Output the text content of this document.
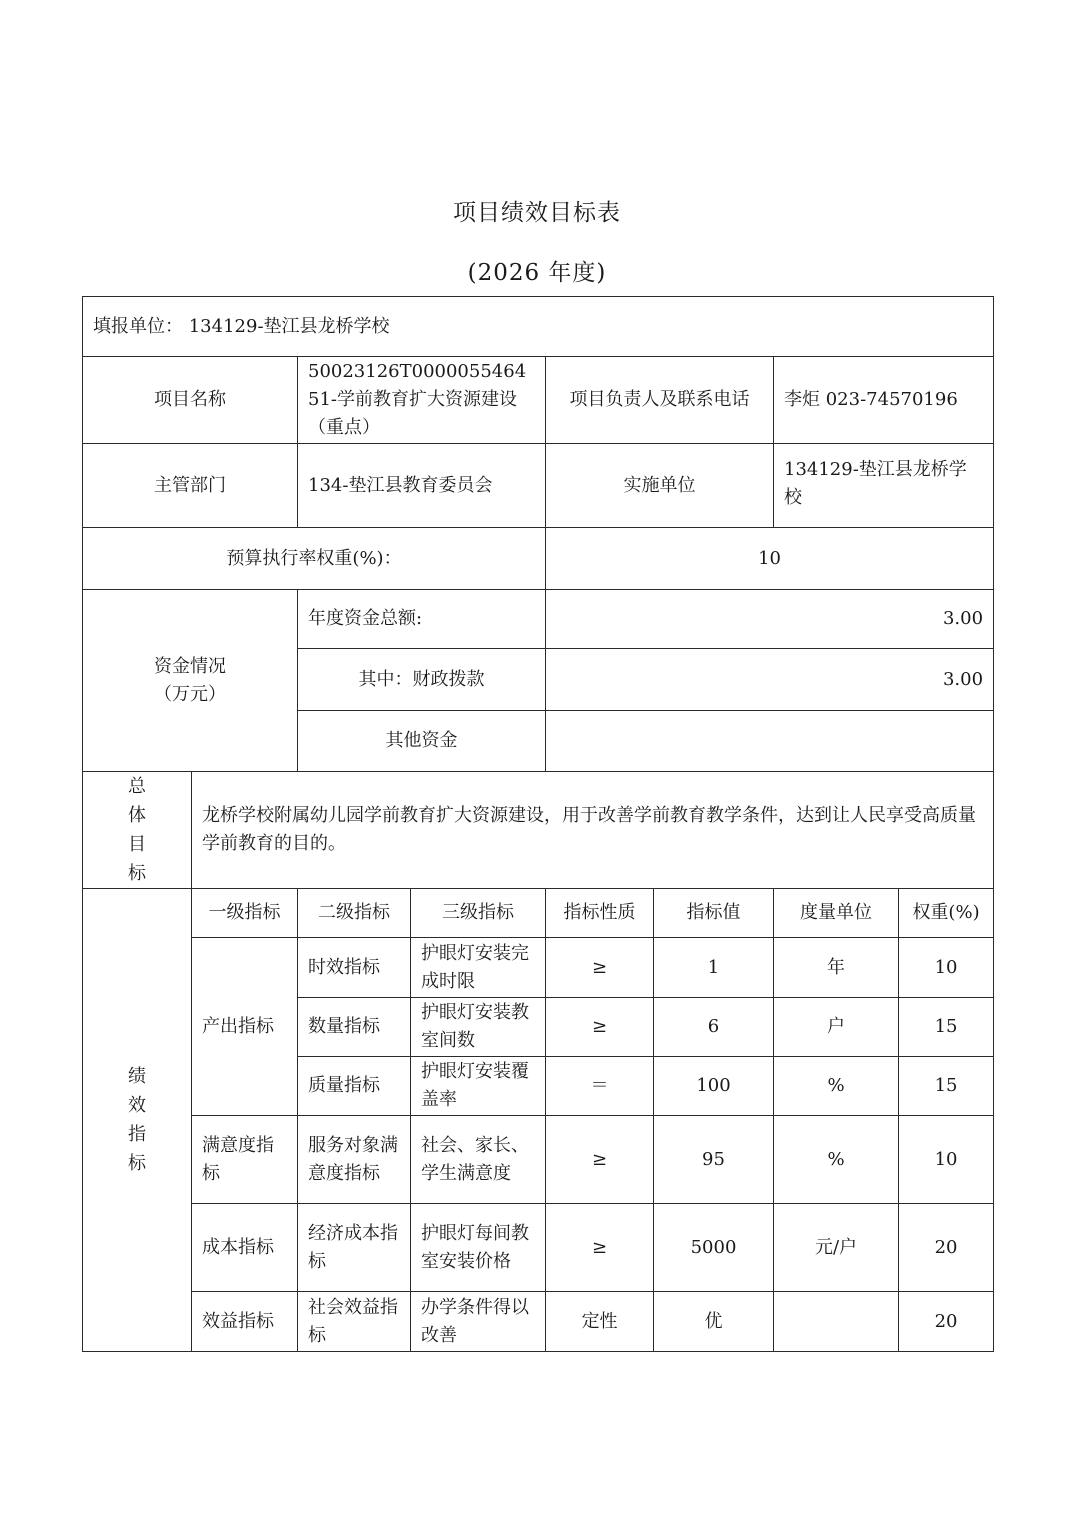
项目绩效目标表
(2026 年度)
填报单位： 134129-垫江县龙桥学校							
项目名称		50023126T000005546451-学前教育扩大资源建设（重点）		项目负责人及联系电话		李炬 023-74570196	
主管部门		134-垫江县教育委员会		实施单位		134129-垫江县龙桥学校	
预算执行率权重(%)：				10			

资金情况
（万元）		年度资金总额:		3.00			
		其中：财政拨款		3.00			
		其他资金					

总体目标	龙桥学校附属幼儿园学前教育扩大资源建设，用于改善学前教育教学条件，达到让人民享受高质量学前教育的目的。						

绩效指标	一级指标	二级指标	三级指标	指标性质	指标值	度量单位	权重(%)
	产出指标	时效指标	护眼灯安装完成时限	≥	1	年	10
		数量指标	护眼灯安装教室间数	≥	6	户	15
		质量指标	护眼灯安装覆盖率	＝	100	%	15
	满意度指标	服务对象满意度指标	社会、家长、学生满意度	≥	95	%	10
	成本指标	经济成本指标	护眼灯每间教室安装价格	≥	5000	元/户	20
	效益指标	社会效益指标	办学条件得以改善	定性	优		20
